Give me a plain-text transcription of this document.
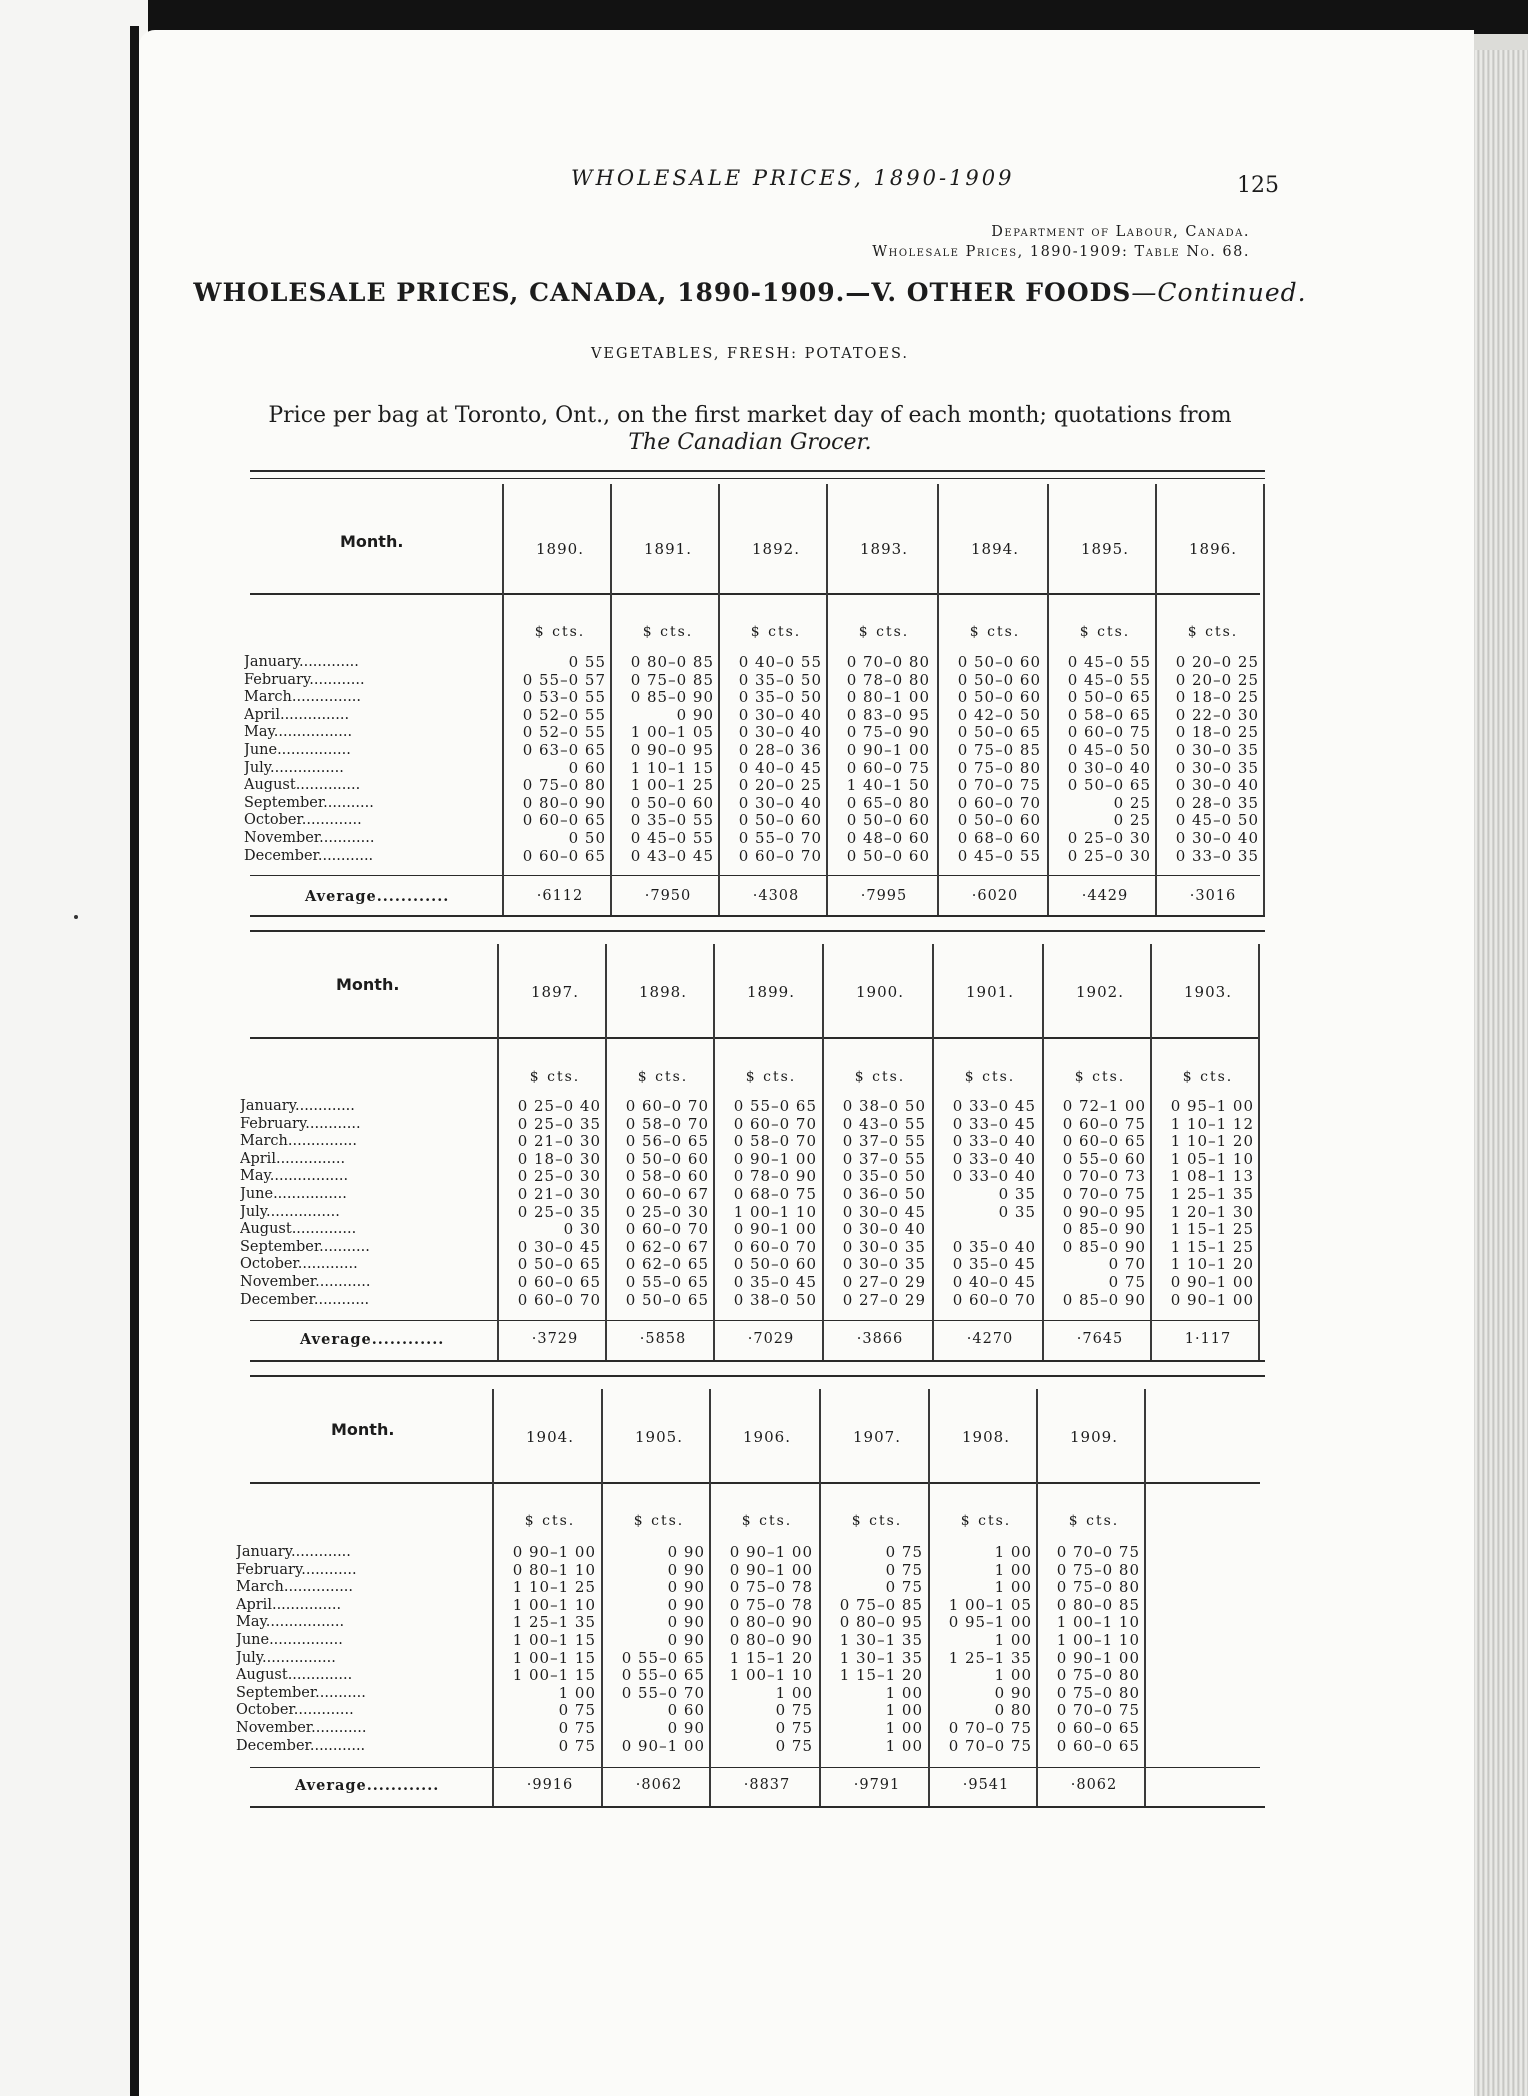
WHOLESALE PRICES, 1890-1909	125
Department of Labour, Canada.
Wholesale Prices, 1890-1909: Table No. 68.
WHOLESALE PRICES, CANADA, 1890-1909.—V. OTHER FOODS—Continued.
VEGETABLES, FRESH: POTATOES.
Price per bag at Toronto, Ont., on the first market day of each month; quotations from
The Canadian Grocer.
Month.
January.............
February............
March...............
April...............
May.................
June................
July................
August..............
September...........
October.............
November............
December............
Average............
1890.
$ cts.
0 55
0 55–0 57
0 53–0 55
0 52–0 55
0 52–0 55
0 63–0 65
0 60
0 75–0 80
0 80–0 90
0 60–0 65
0 50
0 60–0 65
·6112
1891.
$ cts.
0 80–0 85
0 75–0 85
0 85–0 90
0 90
1 00–1 05
0 90–0 95
1 10–1 15
1 00–1 25
0 50–0 60
0 35–0 55
0 45–0 55
0 43–0 45
·7950
1892.
$ cts.
0 40–0 55
0 35–0 50
0 35–0 50
0 30–0 40
0 30–0 40
0 28–0 36
0 40–0 45
0 20–0 25
0 30–0 40
0 50–0 60
0 55–0 70
0 60–0 70
·4308
1893.
$ cts.
0 70–0 80
0 78–0 80
0 80–1 00
0 83–0 95
0 75–0 90
0 90–1 00
0 60–0 75
1 40–1 50
0 65–0 80
0 50–0 60
0 48–0 60
0 50–0 60
·7995
1894.
$ cts.
0 50–0 60
0 50–0 60
0 50–0 60
0 42–0 50
0 50–0 65
0 75–0 85
0 75–0 80
0 70–0 75
0 60–0 70
0 50–0 60
0 68–0 60
0 45–0 55
·6020
1895.
$ cts.
0 45–0 55
0 45–0 55
0 50–0 65
0 58–0 65
0 60–0 75
0 45–0 50
0 30–0 40
0 50–0 65
0 25
0 25
0 25–0 30
0 25–0 30
·4429
1896.
$ cts.
0 20–0 25
0 20–0 25
0 18–0 25
0 22–0 30
0 18–0 25
0 30–0 35
0 30–0 35
0 30–0 40
0 28–0 35
0 45–0 50
0 30–0 40
0 33–0 35
·3016
Month.
January.............
February............
March...............
April...............
May.................
June................
July................
August..............
September...........
October.............
November............
December............
Average............
1897.
$ cts.
0 25–0 40
0 25–0 35
0 21–0 30
0 18–0 30
0 25–0 30
0 21–0 30
0 25–0 35
0 30
0 30–0 45
0 50–0 65
0 60–0 65
0 60–0 70
·3729
1898.
$ cts.
0 60–0 70
0 58–0 70
0 56–0 65
0 50–0 60
0 58–0 60
0 60–0 67
0 25–0 30
0 60–0 70
0 62–0 67
0 62–0 65
0 55–0 65
0 50–0 65
·5858
1899.
$ cts.
0 55–0 65
0 60–0 70
0 58–0 70
0 90–1 00
0 78–0 90
0 68–0 75
1 00–1 10
0 90–1 00
0 60–0 70
0 50–0 60
0 35–0 45
0 38–0 50
·7029
1900.
$ cts.
0 38–0 50
0 43–0 55
0 37–0 55
0 37–0 55
0 35–0 50
0 36–0 50
0 30–0 45
0 30–0 40
0 30–0 35
0 30–0 35
0 27–0 29
0 27–0 29
·3866
1901.
$ cts.
0 33–0 45
0 33–0 45
0 33–0 40
0 33–0 40
0 33–0 40
0 35
0 35
0 35–0 40
0 35–0 45
0 40–0 45
0 60–0 70
·4270
1902.
$ cts.
0 72–1 00
0 60–0 75
0 60–0 65
0 55–0 60
0 70–0 73
0 70–0 75
0 90–0 95
0 85–0 90
0 85–0 90
0 70
0 75
0 85–0 90
·7645
1903.
$ cts.
0 95–1 00
1 10–1 12
1 10–1 20
1 05–1 10
1 08–1 13
1 25–1 35
1 20–1 30
1 15–1 25
1 15–1 25
1 10–1 20
0 90–1 00
0 90–1 00
1·117
Month.
January.............
February............
March...............
April...............
May.................
June................
July................
August..............
September...........
October.............
November............
December............
Average............
1904.
$ cts.
0 90–1 00
0 80–1 10
1 10–1 25
1 00–1 10
1 25–1 35
1 00–1 15
1 00–1 15
1 00–1 15
1 00
0 75
0 75
0 75
·9916
1905.
$ cts.
0 90
0 90
0 90
0 90
0 90
0 90
0 55–0 65
0 55–0 65
0 55–0 70
0 60
0 90
0 90–1 00
·8062
1906.
$ cts.
0 90–1 00
0 90–1 00
0 75–0 78
0 75–0 78
0 80–0 90
0 80–0 90
1 15–1 20
1 00–1 10
1 00
0 75
0 75
0 75
·8837
1907.
$ cts.
0 75
0 75
0 75
0 75–0 85
0 80–0 95
1 30–1 35
1 30–1 35
1 15–1 20
1 00
1 00
1 00
1 00
·9791
1908.
$ cts.
1 00
1 00
1 00
1 00–1 05
0 95–1 00
1 00
1 25–1 35
1 00
0 90
0 80
0 70–0 75
0 70–0 75
·9541
1909.
$ cts.
0 70–0 75
0 75–0 80
0 75–0 80
0 80–0 85
1 00–1 10
1 00–1 10
0 90–1 00
0 75–0 80
0 75–0 80
0 70–0 75
0 60–0 65
0 60–0 65
·8062
